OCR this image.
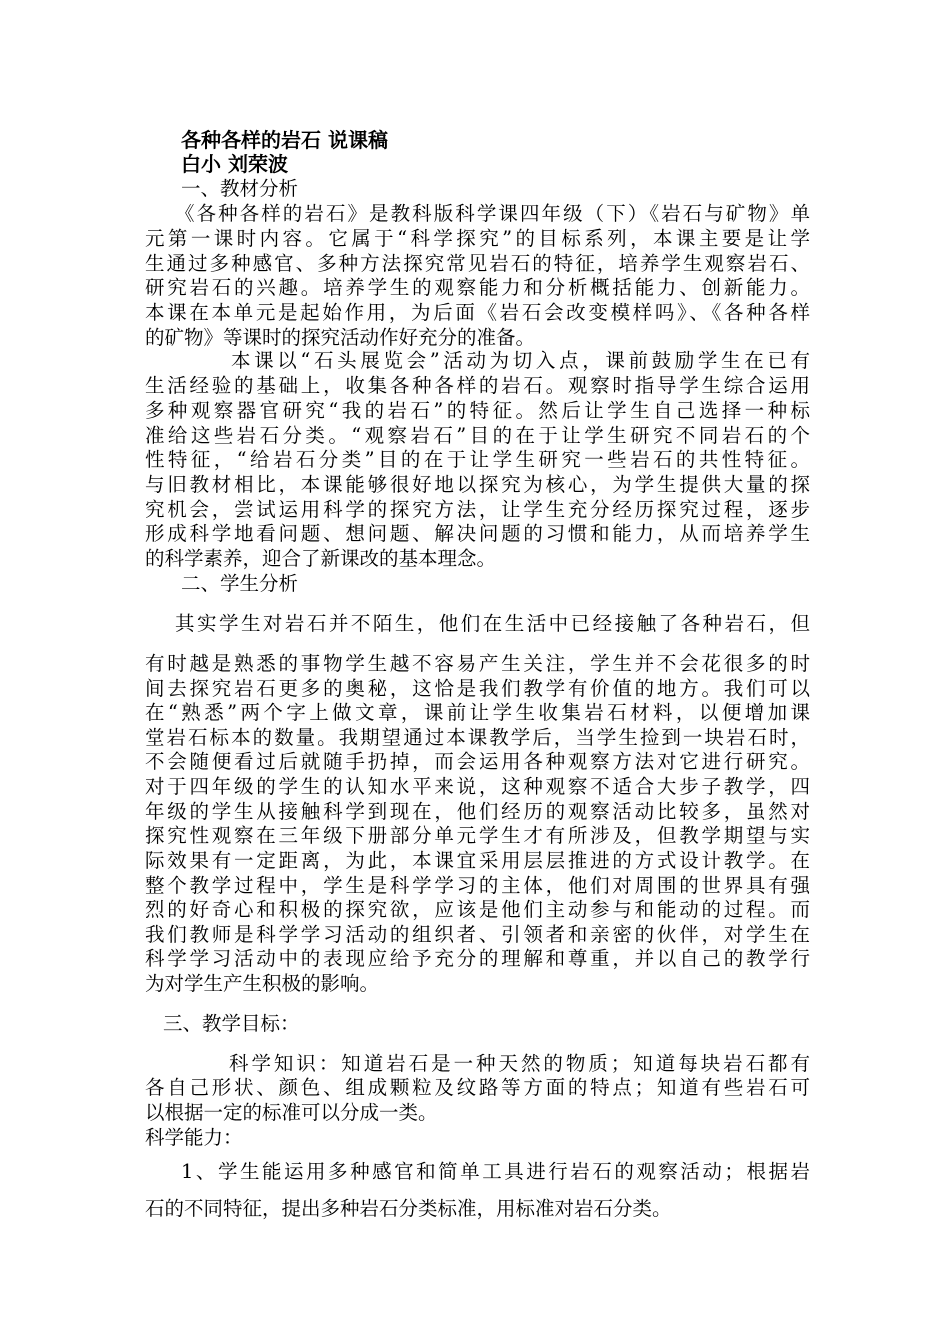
各种各样的岩石 说课稿
白小 刘荣波
一、教材分析
《各种各样的岩石》是教科版科学课四年级（下）《岩石与矿物》单
元第一课时内容。它属于“科学探究”的目标系列，本课主要是让学
生通过多种感官、多种方法探究常见岩石的特征，培养学生观察岩石、
研究岩石的兴趣。培养学生的观察能力和分析概括能力、创新能力。
本课在本单元是起始作用，为后面《岩石会改变模样吗》、《各种各样
的矿物》等课时的探究活动作好充分的准备。
本课以“石头展览会”活动为切入点，课前鼓励学生在已有
生活经验的基础上，收集各种各样的岩石。观察时指导学生综合运用
多种观察器官研究“我的岩石”的特征。然后让学生自己选择一种标
准给这些岩石分类。“观察岩石”目的在于让学生研究不同岩石的个
性特征，“给岩石分类”目的在于让学生研究一些岩石的共性特征。
与旧教材相比，本课能够很好地以探究为核心，为学生提供大量的探
究机会，尝试运用科学的探究方法，让学生充分经历探究过程，逐步
形成科学地看问题、想问题、解决问题的习惯和能力，从而培养学生
的科学素养，迎合了新课改的基本理念。
二、学生分析
其实学生对岩石并不陌生，他们在生活中已经接触了各种岩石，但
有时越是熟悉的事物学生越不容易产生关注，学生并不会花很多的时
间去探究岩石更多的奥秘，这恰是我们教学有价值的地方。我们可以
在“熟悉”两个字上做文章，课前让学生收集岩石材料，以便增加课
堂岩石标本的数量。我期望通过本课教学后，当学生捡到一块岩石时，
不会随便看过后就随手扔掉，而会运用各种观察方法对它进行研究。
对于四年级的学生的认知水平来说，这种观察不适合大步子教学，四
年级的学生从接触科学到现在，他们经历的观察活动比较多，虽然对
探究性观察在三年级下册部分单元学生才有所涉及，但教学期望与实
际效果有一定距离，为此，本课宜采用层层推进的方式设计教学。在
整个教学过程中，学生是科学学习的主体，他们对周围的世界具有强
烈的好奇心和积极的探究欲，应该是他们主动参与和能动的过程。而
我们教师是科学学习活动的组织者、引领者和亲密的伙伴，对学生在
科学学习活动中的表现应给予充分的理解和尊重，并以自己的教学行
为对学生产生积极的影响。
三、教学目标：
科学知识：知道岩石是一种天然的物质；知道每块岩石都有
各自己形状、颜色、组成颗粒及纹路等方面的特点；知道有些岩石可
以根据一定的标准可以分成一类。
科学能力：
1、学生能运用多种感官和简单工具进行岩石的观察活动；根据岩
石的不同特征，提出多种岩石分类标准，用标准对岩石分类。
